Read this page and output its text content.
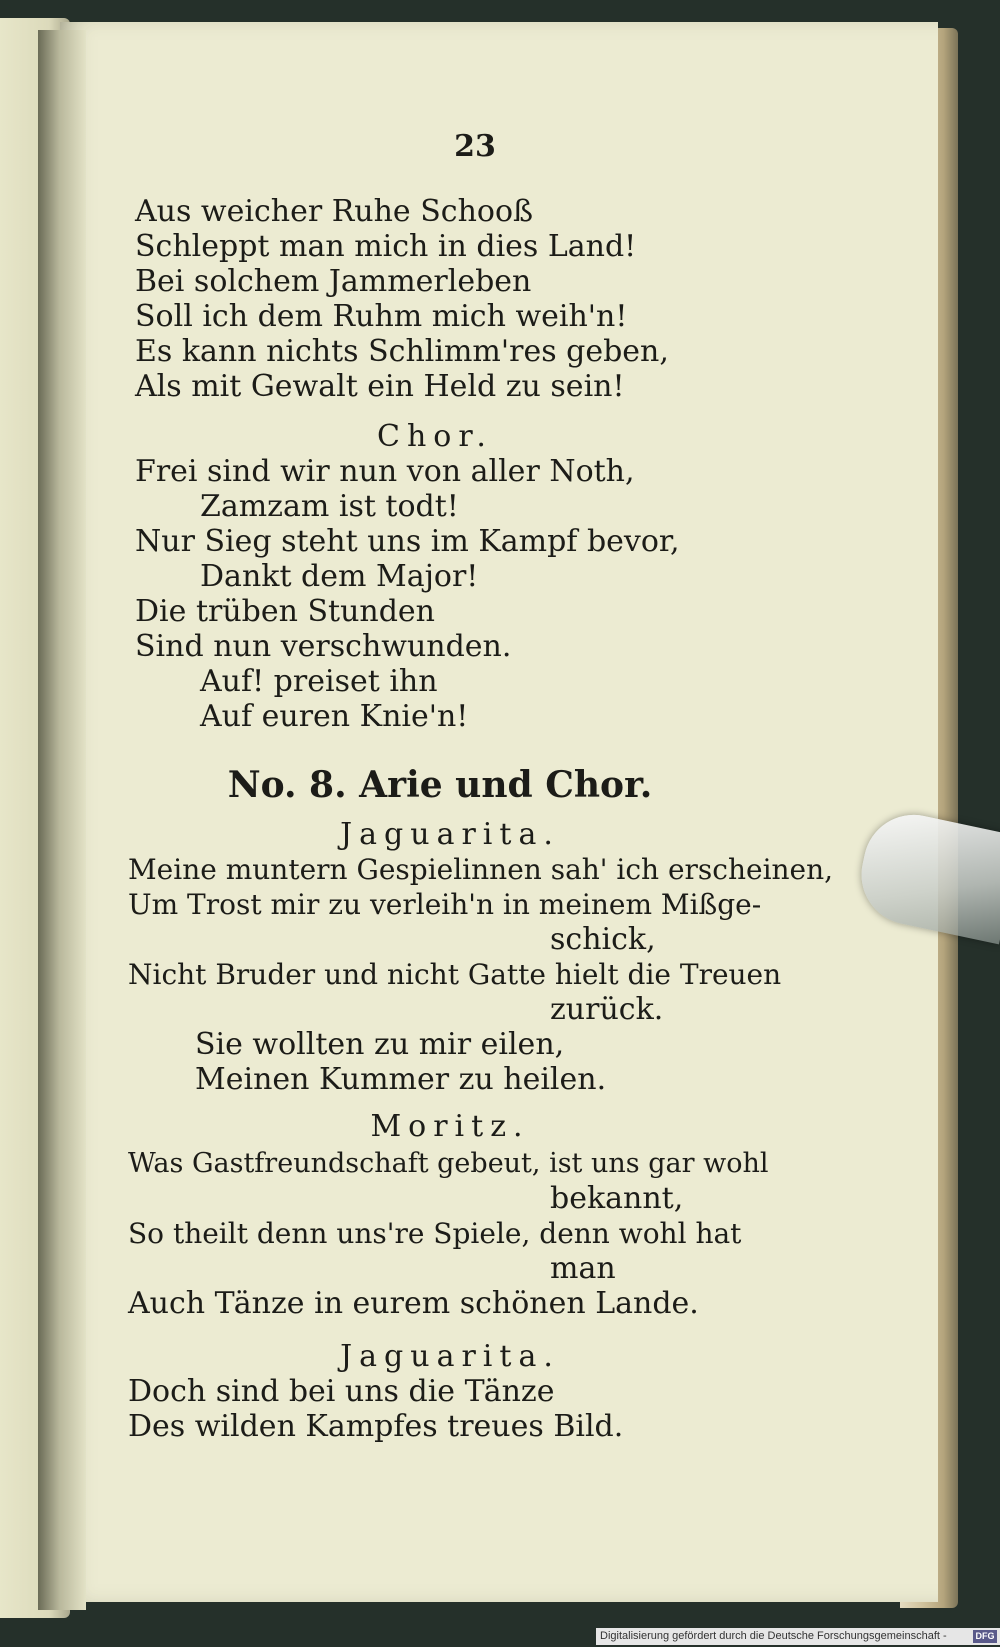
23
Aus weicher Ruhe Schooß
Schleppt man mich in dies Land!
Bei solchem Jammerleben
Soll ich dem Ruhm mich weih'n!
Es kann nichts Schlimm'res geben,
Als mit Gewalt ein Held zu sein!
Chor.
Frei sind wir nun von aller Noth,
Zamzam ist todt!
Nur Sieg steht uns im Kampf bevor,
Dankt dem Major!
Die trüben Stunden
Sind nun verschwunden.
Auf! preiset ihn
Auf euren Knie'n!
No. 8. Arie und Chor.
Jaguarita.
Meine muntern Gespielinnen sah' ich erscheinen,
Um Trost mir zu verleih'n in meinem Mißge-
schick,
Nicht Bruder und nicht Gatte hielt die Treuen
zurück.
Sie wollten zu mir eilen,
Meinen Kummer zu heilen.
Moritz.
Was Gastfreundschaft gebeut, ist uns gar wohl
bekannt,
So theilt denn uns're Spiele, denn wohl hat
man
Auch Tänze in eurem schönen Lande.
Jaguarita.
Doch sind bei uns die Tänze
Des wilden Kampfes treues Bild.
Digitalisierung gefördert durch die Deutsche Forschungsgemeinschaft -	DFG
